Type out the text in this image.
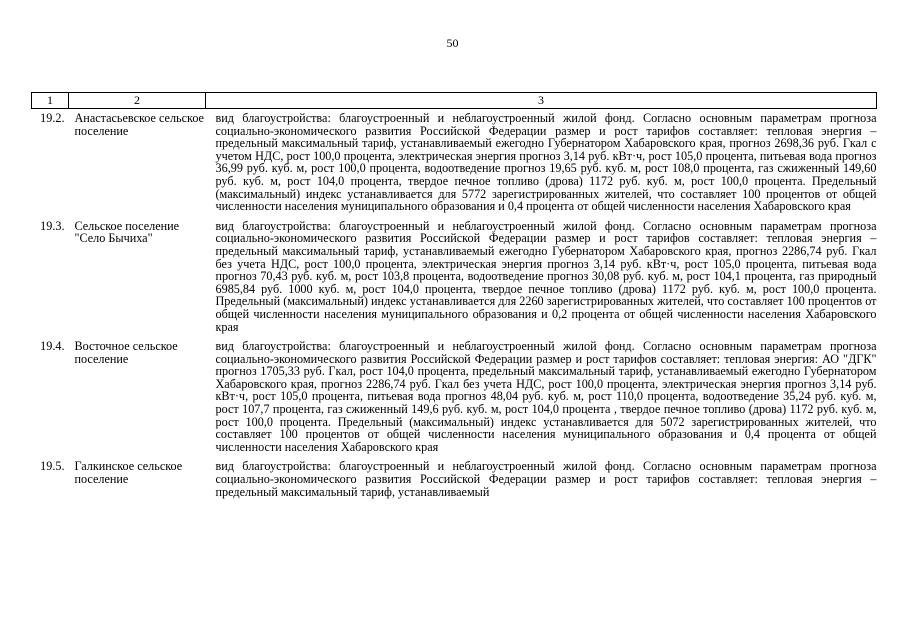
50
1	2	3
19.2.	Анастасьевское сельское поселение	вид благоустройства: благоустроенный и неблагоустроенный жилой фонд. Согласно основным параметрам прогноза социально-экономического развития Российской Федерации размер и рост тарифов составляет: тепловая энергия – предельный максимальный тариф, устанавливаемый ежегодно Губернатором Хабаровского края, прогноз 2698,36 руб. Гкал с учетом НДС, рост 100,0 процента, электрическая энергия прогноз 3,14 руб. кВт·ч, рост 105,0 процента, питьевая вода прогноз 36,99 руб. куб. м, рост 100,0 процента, водоотведение прогноз 19,65 руб. куб. м, рост 108,0 процента, газ сжиженный 149,60 руб. куб. м, рост 104,0 процента, твердое печное топливо (дрова) 1172 руб. куб. м, рост 100,0 процента. Предельный (максимальный) индекс устанавливается для 5772 зарегистрированных жителей, что составляет 100 процентов от общей численности населения муниципального образования и 0,4 процента от общей численности населения Хабаровского края
19.3.	Сельское поселение "Село Бычиха"	вид благоустройства: благоустроенный и неблагоустроенный жилой фонд. Согласно основным параметрам прогноза социально-экономического развития Российской Федерации размер и рост тарифов составляет: тепловая энергия – предельный максимальный тариф, устанавливаемый ежегодно Губернатором Хабаровского края, прогноз 2286,74 руб. Гкал без учета НДС, рост 100,0 процента, электрическая энергия прогноз 3,14 руб. кВт·ч, рост 105,0 процента, питьевая вода прогноз 70,43 руб. куб. м, рост 103,8 процента, водоотведение прогноз 30,08 руб. куб. м, рост 104,1 процента, газ природный 6985,84 руб. 1000 куб. м, рост 104,0 процента, твердое печное топливо (дрова) 1172 руб. куб. м, рост 100,0 процента. Предельный (максимальный) индекс устанавливается для 2260 зарегистрированных жителей, что составляет 100 процентов от общей численности населения муниципального образования и 0,2 процента от общей численности населения Хабаровского края
19.4.	Восточное сельское поселение	вид благоустройства: благоустроенный и неблагоустроенный жилой фонд. Согласно основным параметрам прогноза социально-экономического развития Российской Федерации размер и рост тарифов составляет: тепловая энергия: АО "ДГК" прогноз 1705,33 руб. Гкал, рост 104,0 процента, предельный максимальный тариф, устанавливаемый ежегодно Губернатором Хабаровского края, прогноз 2286,74 руб. Гкал без учета НДС, рост 100,0 процента, электрическая энергия прогноз 3,14 руб. кВт·ч, рост 105,0 процента, питьевая вода прогноз 48,04 руб. куб. м, рост 110,0 процента, водоотведение 35,24 руб. куб. м, рост 107,7 процента, газ сжиженный 149,6 руб. куб. м, рост 104,0 процента , твердое печное топливо (дрова) 1172 руб. куб. м, рост 100,0 процента. Предельный (максимальный) индекс устанавливается для 5072 зарегистрированных жителей, что составляет 100 процентов от общей численности населения муниципального образования и 0,4 процента от общей численности населения Хабаровского края
19.5.	Галкинское сельское поселение	вид благоустройства: благоустроенный и неблагоустроенный жилой фонд. Согласно основным параметрам прогноза социально-экономического развития Российской Федерации размер и рост тарифов составляет: тепловая энергия – предельный максимальный тариф, устанавливаемый
